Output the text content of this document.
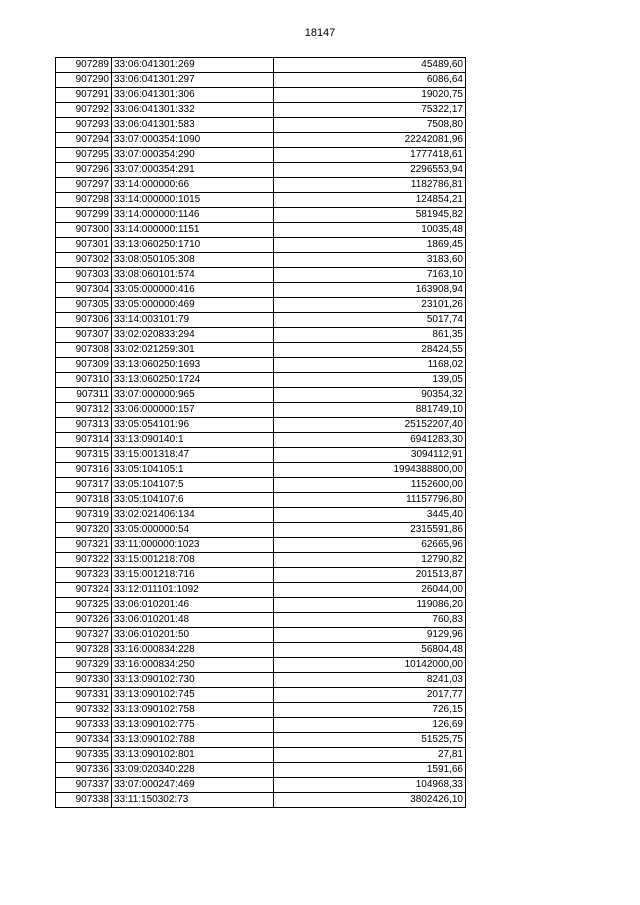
18147
907289	33:06:041301:269	45489,60
907290	33:06:041301:297	6086,64
907291	33:06:041301:306	19020,75
907292	33:06:041301:332	75322,17
907293	33:06:041301:583	7508,80
907294	33:07:000354:1090	22242081,96
907295	33:07:000354:290	1777418,61
907296	33:07:000354:291	2296553,94
907297	33:14:000000:66	1182786,81
907298	33:14:000000:1015	124854,21
907299	33:14:000000:1146	581945,82
907300	33:14:000000:1151	10035,48
907301	33:13:060250:1710	1869,45
907302	33:08:050105:308	3183,60
907303	33:08:060101:574	7163,10
907304	33:05:000000:416	163908,94
907305	33:05:000000:469	23101,26
907306	33:14:003101:79	5017,74
907307	33:02:020833:294	861,35
907308	33:02:021259:301	28424,55
907309	33:13:060250:1693	1168,02
907310	33:13:060250:1724	139,05
907311	33:07:000000:965	90354,32
907312	33:06:000000:157	881749,10
907313	33:05:054101:96	25152207,40
907314	33:13:090140:1	6941283,30
907315	33:15:001318:47	3094112,91
907316	33:05:104105:1	1994388800,00
907317	33:05:104107:5	1152600,00
907318	33:05:104107:6	11157796,80
907319	33:02:021406:134	3445,40
907320	33:05:000000:54	2315591,86
907321	33:11:000000:1023	62665,96
907322	33:15:001218:708	12790,82
907323	33:15:001218:716	201513,87
907324	33:12:011101:1092	26044,00
907325	33:06:010201:46	119086,20
907326	33:06:010201:48	760,83
907327	33:06:010201:50	9129,96
907328	33:16:000834:228	56804,48
907329	33:16:000834:250	10142000,00
907330	33:13:090102:730	8241,03
907331	33:13:090102:745	2017,77
907332	33:13:090102:758	726,15
907333	33:13:090102:775	126,69
907334	33:13:090102:788	51525,75
907335	33:13:090102:801	27,81
907336	33:09:020340:228	1591,66
907337	33:07:000247:469	104968,33
907338	33:11:150302:73	3802426,10
